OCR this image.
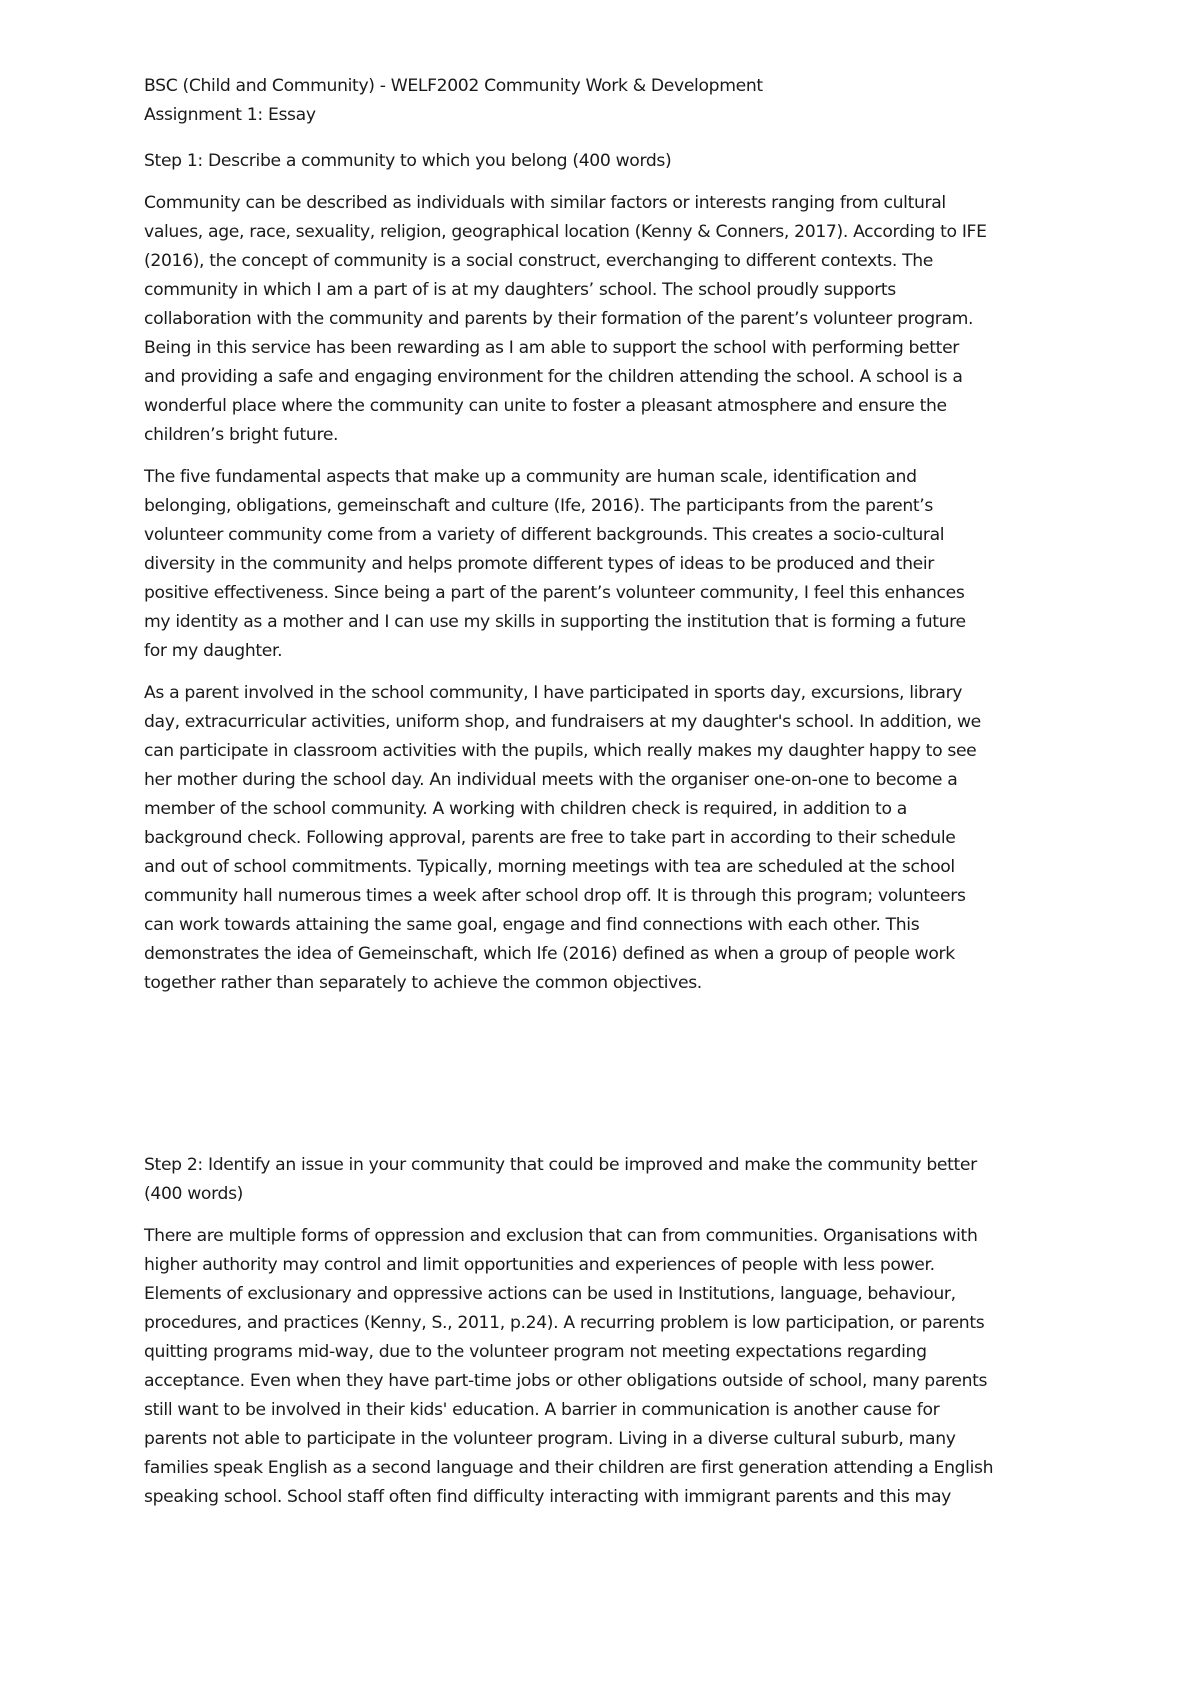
BSC (Child and Community) - WELF2002 Community Work & Development
Assignment 1: Essay
Step 1: Describe a community to which you belong (400 words)
Community can be described as individuals with similar factors or interests ranging from cultural
values, age, race, sexuality, religion, geographical location (Kenny & Conners, 2017). According to IFE
(2016), the concept of community is a social construct, everchanging to different contexts. The
community in which I am a part of is at my daughters’ school. The school proudly supports
collaboration with the community and parents by their formation of the parent’s volunteer program.
Being in this service has been rewarding as I am able to support the school with performing better
and providing a safe and engaging environment for the children attending the school. A school is a
wonderful place where the community can unite to foster a pleasant atmosphere and ensure the
children’s bright future.
The five fundamental aspects that make up a community are human scale, identification and
belonging, obligations, gemeinschaft and culture (Ife, 2016). The participants from the parent’s
volunteer community come from a variety of different backgrounds. This creates a socio-cultural
diversity in the community and helps promote different types of ideas to be produced and their
positive effectiveness. Since being a part of the parent’s volunteer community, I feel this enhances
my identity as a mother and I can use my skills in supporting the institution that is forming a future
for my daughter.
As a parent involved in the school community, I have participated in sports day, excursions, library
day, extracurricular activities, uniform shop, and fundraisers at my daughter's school. In addition, we
can participate in classroom activities with the pupils, which really makes my daughter happy to see
her mother during the school day. An individual meets with the organiser one-on-one to become a
member of the school community. A working with children check is required, in addition to a
background check. Following approval, parents are free to take part in according to their schedule
and out of school commitments. Typically, morning meetings with tea are scheduled at the school
community hall numerous times a week after school drop off. It is through this program; volunteers
can work towards attaining the same goal, engage and find connections with each other. This
demonstrates the idea of Gemeinschaft, which Ife (2016) defined as when a group of people work
together rather than separately to achieve the common objectives.
Step 2: Identify an issue in your community that could be improved and make the community better
(400 words)
There are multiple forms of oppression and exclusion that can from communities. Organisations with
higher authority may control and limit opportunities and experiences of people with less power.
Elements of exclusionary and oppressive actions can be used in Institutions, language, behaviour,
procedures, and practices (Kenny, S., 2011, p.24). A recurring problem is low participation, or parents
quitting programs mid-way, due to the volunteer program not meeting expectations regarding
acceptance. Even when they have part-time jobs or other obligations outside of school, many parents
still want to be involved in their kids' education. A barrier in communication is another cause for
parents not able to participate in the volunteer program. Living in a diverse cultural suburb, many
families speak English as a second language and their children are first generation attending a English
speaking school. School staff often find difficulty interacting with immigrant parents and this may
